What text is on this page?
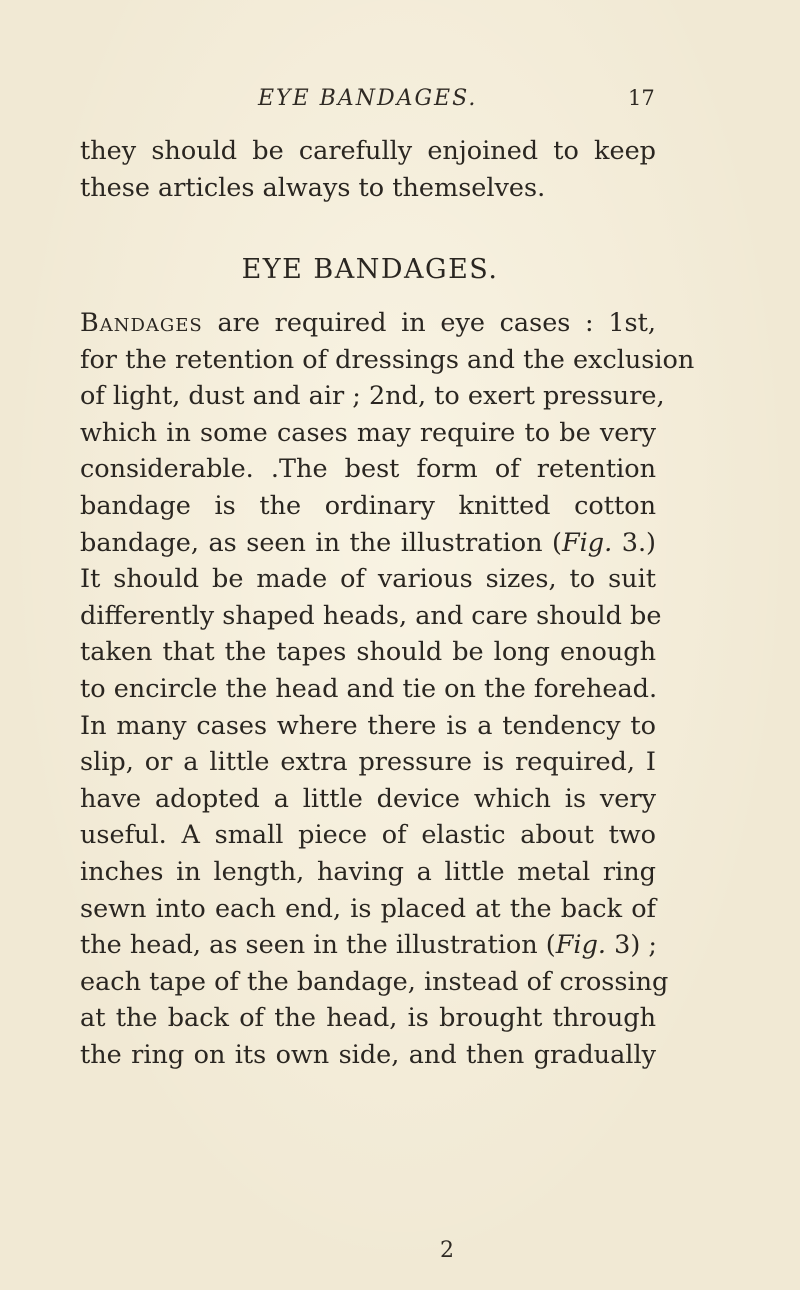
EYE BANDAGES.	17
they should be carefully enjoined to keep
these articles always to themselves.
EYE BANDAGES.
Bandages are required in eye cases : 1st,
for the retention of dressings and the exclusion
of light, dust and air ; 2nd, to exert pressure,
which in some cases may require to be very
considerable. .The best form of retention
bandage is the ordinary knitted cotton
bandage, as seen in the illustration (Fig. 3.)
It should be made of various sizes, to suit
differently shaped heads, and care should be
taken that the tapes should be long enough
to encircle the head and tie on the forehead.
In many cases where there is a tendency to
slip, or a little extra pressure is required, I
have adopted a little device which is very
useful. A small piece of elastic about two
inches in length, having a little metal ring
sewn into each end, is placed at the back of
the head, as seen in the illustration (Fig. 3) ;
each tape of the bandage, instead of crossing
at the back of the head, is brought through
the ring on its own side, and then gradually
2
